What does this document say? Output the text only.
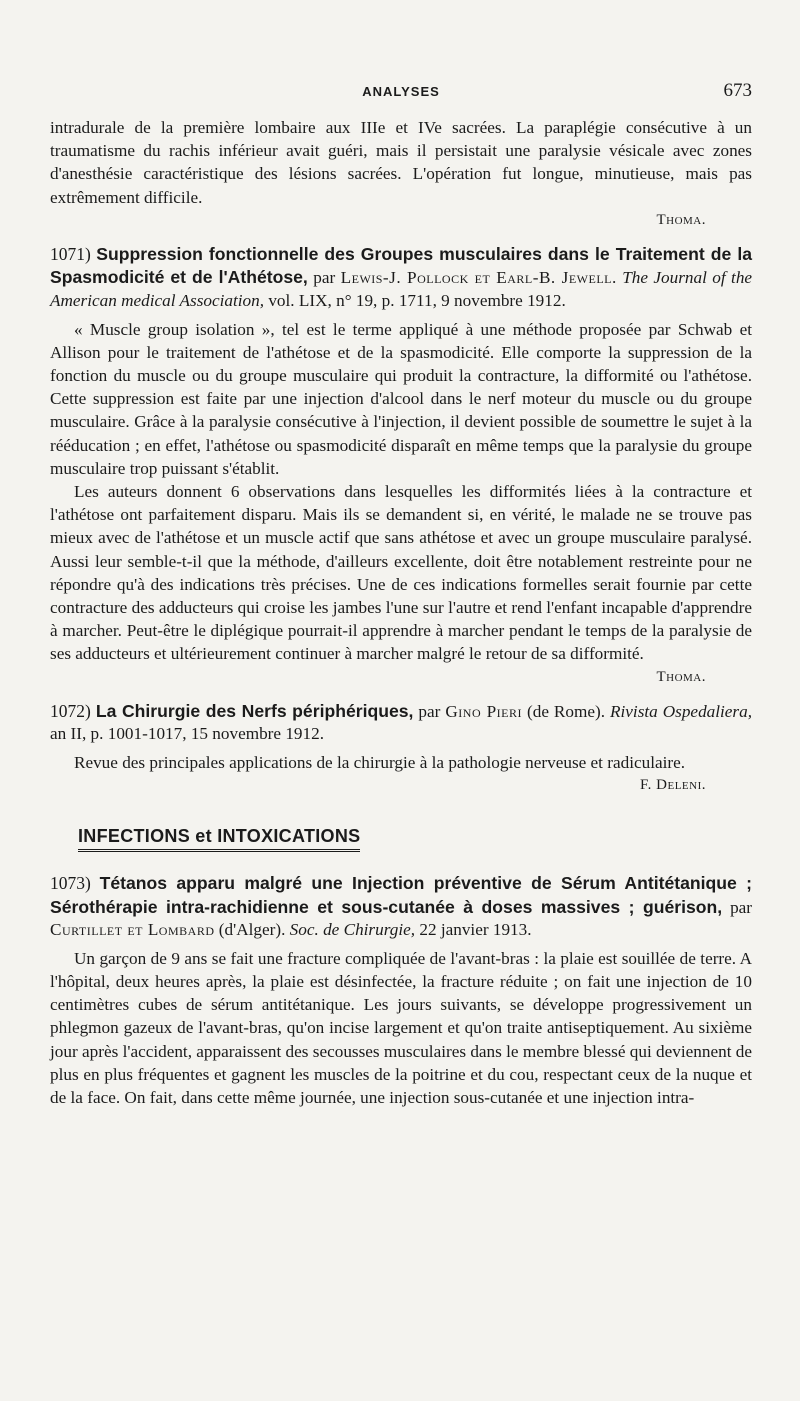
ANALYSES	673

intradurale de la première lombaire aux IIIe et IVe sacrées. La paraplégie consécutive à un traumatisme du rachis inférieur avait guéri, mais il persistait une paralysie vésicale avec zones d'anesthésie caractéristique des lésions sacrées. L'opération fut longue, minutieuse, mais pas extrêmement difficile.

Thoma.
1071) Suppression fonctionnelle des Groupes musculaires dans le Traitement de la Spasmodicité et de l'Athétose, par Lewis-J. Pollock et Earl-B. Jewell. The Journal of the American medical Association, vol. LIX, n° 19, p. 1711, 9 novembre 1912.

« Muscle group isolation », tel est le terme appliqué à une méthode proposée par Schwab et Allison pour le traitement de l'athétose et de la spasmodicité. Elle comporte la suppression de la fonction du muscle ou du groupe musculaire qui produit la contracture, la difformité ou l'athétose. Cette suppression est faite par une injection d'alcool dans le nerf moteur du muscle ou du groupe musculaire. Grâce à la paralysie consécutive à l'injection, il devient possible de soumettre le sujet à la rééducation ; en effet, l'athétose ou spasmodicité disparaît en même temps que la paralysie du groupe musculaire trop puissant s'établit.

Les auteurs donnent 6 observations dans lesquelles les difformités liées à la contracture et l'athétose ont parfaitement disparu. Mais ils se demandent si, en vérité, le malade ne se trouve pas mieux avec de l'athétose et un muscle actif que sans athétose et avec un groupe musculaire paralysé. Aussi leur semble-t-il que la méthode, d'ailleurs excellente, doit être notablement restreinte pour ne répondre qu'à des indications très précises. Une de ces indications formelles serait fournie par cette contracture des adducteurs qui croise les jambes l'une sur l'autre et rend l'enfant incapable d'apprendre à marcher. Peut-être le diplégique pourrait-il apprendre à marcher pendant le temps de la paralysie de ses adducteurs et ultérieurement continuer à marcher malgré le retour de sa difformité.
Thoma.

1072) La Chirurgie des Nerfs périphériques, par Gino Pieri (de Rome). Rivista Ospedaliera, an II, p. 1001-1017, 15 novembre 1912.

Revue des principales applications de la chirurgie à la pathologie nerveuse et radiculaire.
F. Deleni.

INFECTIONS et INTOXICATIONS
1073) Tétanos apparu malgré une Injection préventive de Sérum Antitétanique ; Sérothérapie intra-rachidienne et sous-cutanée à doses massives ; guérison, par Curtillet et Lombard (d'Alger). Soc. de Chirurgie, 22 janvier 1913.

Un garçon de 9 ans se fait une fracture compliquée de l'avant-bras : la plaie est souillée de terre. A l'hôpital, deux heures après, la plaie est désinfectée, la fracture réduite ; on fait une injection de 10 centimètres cubes de sérum antitétanique. Les jours suivants, se développe progressivement un phlegmon gazeux de l'avant-bras, qu'on incise largement et qu'on traite antiseptiquement. Au sixième jour après l'accident, apparaissent des secousses musculaires dans le membre blessé qui deviennent de plus en plus fréquentes et gagnent les muscles de la poitrine et du cou, respectant ceux de la nuque et de la face. On fait, dans cette même journée, une injection sous-cutanée et une injection intra-
